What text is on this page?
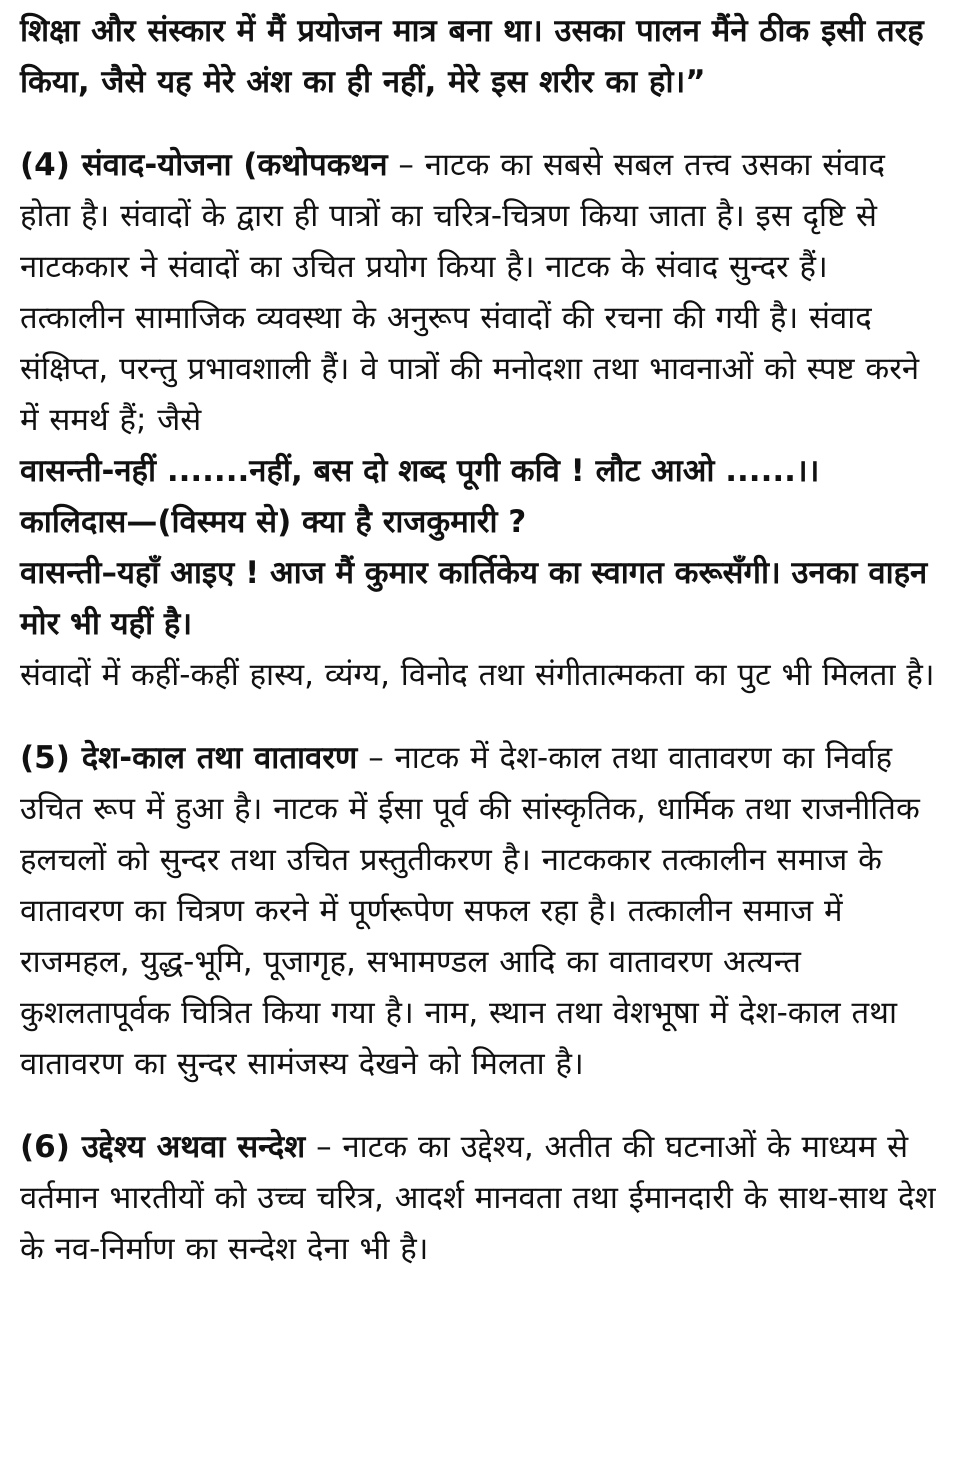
शिक्षा और संस्कार में मैं प्रयोजन मात्र बना था। उसका पालन मैंने ठीक इसी तरह किया, जैसे यह मेरे अंश का ही नहीं, मेरे इस शरीर का हो।”

(4) संवाद-योजना (कथोपकथन – नाटक का सबसे सबल तत्त्व उसका संवाद होता है। संवादों के द्वारा ही पात्रों का चरित्र-चित्रण किया जाता है। इस दृष्टि से नाटककार ने संवादों का उचित प्रयोग किया है। नाटक के संवाद सुन्दर हैं। तत्कालीन सामाजिक व्यवस्था के अनुरूप संवादों की रचना की गयी है। संवाद संक्षिप्त, परन्तु प्रभावशाली हैं। वे पात्रों की मनोदशा तथा भावनाओं को स्पष्ट करने में समर्थ हैं; जैसे

वासन्ती-नहीं .......नहीं, बस दो शब्द पूगी कवि ! लौट आओ ......।।

कालिदास—(विस्मय से) क्या है राजकुमारी ?

वासन्ती–यहाँ आइए ! आज मैं कुमार कार्तिकेय का स्वागत करूसँगी। उनका वाहन मोर भी यहीं है।

संवादों में कहीं-कहीं हास्य, व्यंग्य, विनोद तथा संगीतात्मकता का पुट भी मिलता है।

(5) देश-काल तथा वातावरण – नाटक में देश-काल तथा वातावरण का निर्वाह उचित रूप में हुआ है। नाटक में ईसा पूर्व की सांस्कृतिक, धार्मिक तथा राजनीतिक हलचलों को सुन्दर तथा उचित प्रस्तुतीकरण है। नाटककार तत्कालीन समाज के वातावरण का चित्रण करने में पूर्णरूपेण सफल रहा है। तत्कालीन समाज में राजमहल, युद्ध-भूमि, पूजागृह, सभामण्डल आदि का वातावरण अत्यन्त कुशलतापूर्वक चित्रित किया गया है। नाम, स्थान तथा वेशभूषा में देश-काल तथा वातावरण का सुन्दर सामंजस्य देखने को मिलता है।

(6) उद्देश्य अथवा सन्देश – नाटक का उद्देश्य, अतीत की घटनाओं के माध्यम से वर्तमान भारतीयों को उच्च चरित्र, आदर्श मानवता तथा ईमानदारी के साथ-साथ देश के नव-निर्माण का सन्देश देना भी है।
